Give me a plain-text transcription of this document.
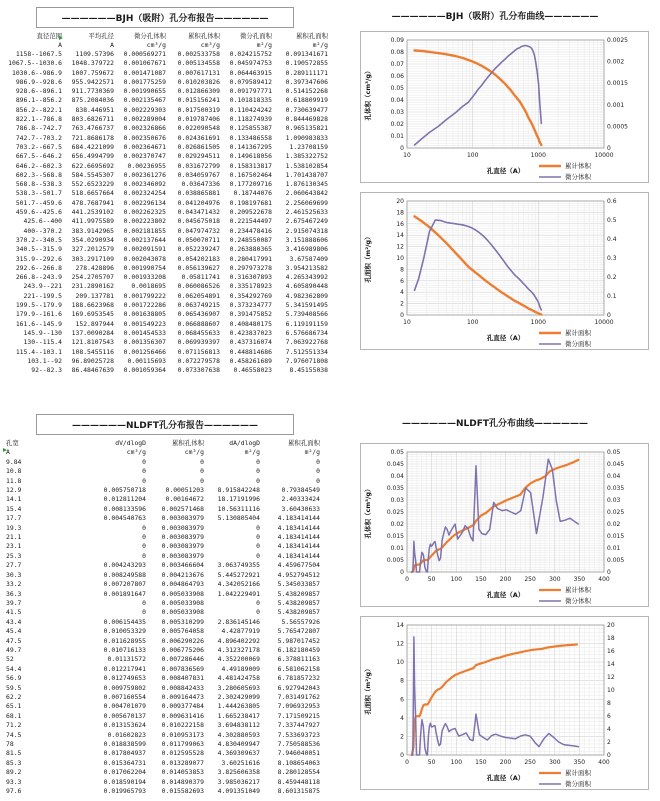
——————BJH（吸附）孔分布报告——————
直径范围	平均孔径	微分孔体积	累积孔体积	微分孔面积	累积孔面积
A	A	cm³/g	cm³/g	m²/g	m²/g
1158--1067.5	1109.57396	0.000569271	0.002533758	0.024215752	0.091341671
1067.5--1030.6	1048.379722	0.001067671	0.005134558	0.045974753	0.190572855
1030.6--986.9	1007.759672	0.001471087	0.007617131	0.064463915	0.289111171
986.9--928.6	955.9422571	0.001775259	0.010203826	0.079589412	0.397347606
928.6--896.1	911.7730369	0.001990655	0.012866309	0.091797771	0.514152268
896.1--856.2	875.2084036	0.002135467	0.015156241	0.101818335	0.618809919
856.2--822.1	838.446951	0.002229303	0.017500319	0.110424242	0.730639477
822.1--786.8	803.6826711	0.002289004	0.019787406	0.118274939	0.844469828
786.8--742.7	763.4766737	0.002326866	0.022090548	0.125855387	0.965135821
742.7--703.2	721.8686178	0.002350676	0.024361691	0.133486558	1.090983833
703.2--667.5	684.4221099	0.002364671	0.026861505	0.141367295	1.23708159
667.5--646.2	656.4994799	0.002370747	0.029294511	0.149618056	1.385322752
646.2--602.3	622.6695692	0.00236955	0.031672799	0.158313817	1.538102854
602.3--568.8	584.5545307	0.002361276	0.034059767	0.167502464	1.701438707
568.8--538.3	552.6523229	0.002346092	0.03647336	0.177209716	1.876130345
538.3--501.7	518.6657664	0.002324254	0.038865881	0.18744076	2.060643842
501.7--459.6	478.7687941	0.002296134	0.041204976	0.198197681	2.256069699
459.6--425.6	441.2539102	0.002262325	0.043471432	0.209522678	2.461525633
425.6--400	411.9975589	0.002223802	0.045675018	0.221544497	2.675467249
400--370.2	383.9142965	0.002181855	0.047974732	0.234478416	2.915074318
370.2--340.5	354.0290934	0.002137644	0.050070711	0.248550087	3.151888606
340.5--315.9	327.2012579	0.002091591	0.052239247	0.263880365	3.416989806
315.9--292.6	303.2917109	0.002043078	0.054202183	0.280417991	3.67587409
292.6--266.8	278.428896	0.001990754	0.056139627	0.297973278	3.954213582
266.8--243.9	254.2705707	0.001933208	0.05811741	0.316307893	4.265343992
243.9--221	231.2890162	0.0018695	0.060086526	0.335178923	4.605890448
221--199.5	209.137781	0.001799222	0.062054891	0.354292769	4.982362809
199.5--179.9	188.6623968	0.001722286	0.063749215	0.373234777	5.341591495
179.9--161.6	169.6953545	0.001638805	0.065436907	0.391475852	5.739408566
161.6--145.9	152.897944	0.001549223	0.066888607	0.408480175	6.119191159
145.9--130	137.0090284	0.001454533	0.068455633	0.423837023	6.576686734
130--115.4	121.8107543	0.001356307	0.069939397	0.437316074	7.063922768
115.4--103.1	108.5455116	0.001256466	0.071156813	0.448814686	7.512551334
103.1--92	96.89025728	0.00115693	0.072279578	0.458261689	7.976071808
92--82.3	86.48467639	0.001059364	0.073307638	0.46558023	8.45155038
——————BJH（吸附）孔分布曲线——————
0
0.01
0.02
0.03
0.04
0.05
0.06
0.07
0.08
0.09
0
0.0005
0.001
0.0015
0.002
0.0025
10	100	1000	10000
孔直径（A）
孔体积（cm³/g）
累计体积
微分体积
0
2
4
6
8
10
12
14
16
18
20
0
0.1
0.2
0.3
0.4
0.5
0.6
10	100	1000	10000
孔直径（A）
孔面积（m²/g）
累计面积
微分面积
——————NLDFT孔分布报告——————
孔宽	dV/dlogD	累积孔体积	dA/dlogD	累积孔面积
A	cm³/g	cm³/g	m²/g	m²/g
9.84	0	0	0	0
10.8	0	0	0	0
11.8	0	0	0	0
12.9	0.005750718	0.00051203	8.915842248	0.79384549
14.1	0.012811204	0.00164672	18.17191996	2.40333424
15.4	0.008133596	0.002571468	10.56311116	3.60430633
17.7	0.004540763	0.003083979	5.130805404	4.183414144
19.3	0	0.003083979	0	4.183414144
21.1	0	0.003083979	0	4.183414144
23.1	0	0.003083979	0	4.183414144
25.3	0	0.003083979	0	4.183414144
27.7	0.004243293	0.003466604	3.063749355	4.459677504
30.3	0.008249588	0.004213676	5.445272921	4.952794512
33.2	0.007207807	0.004864793	4.342052166	5.345033857
36.3	0.001891647	0.005033908	1.042229491	5.438209857
39.7	0	0.005033908	0	5.438209857
41.5	0	0.005033908	0	5.438209857
43.4	0.006154435	0.005310299	2.836145146	5.56557926
45.4	0.010053329	0.005764058	4.42877919	5.765472807
47.5	0.011628955	0.006290226	4.896402292	5.987017452
49.7	0.010716133	0.006775206	4.312327178	6.182180459
52	0.01131572	0.007286446	4.352200069	6.378811163
54.4	0.012217941	0.007836569	4.49189009	6.581062158
56.9	0.012749653	0.008407831	4.481424758	6.781857232
59.5	0.009759802	0.008842433	3.280605693	6.927942043
62.2	0.007160554	0.009164473	2.302429099	7.031491762
65.1	0.004701079	0.009377484	1.444263805	7.096932953
68.1	0.005670137	0.009631416	1.665238417	7.171509215
71.2	0.013153624	0.010222158	3.694838112	7.337447927
74.5	0.01602823	0.010953173	4.302880593	7.533693723
78	0.018838599	0.011799063	4.830409947	7.750588536
81.5	0.017804937	0.012595528	4.369309637	7.946040051
85.3	0.015364731	0.013289077	3.60251616	8.108654063
89.2	0.017062204	0.014053853	3.825606358	8.280128554
93.3	0.018590194	0.014890379	3.985036217	8.459448118
97.6	0.019965793	0.015582693	4.091351049	8.601315875
——————NLDFT孔分布曲线——————
0
0.005
0.01
0.015
0.02
0.025
0.03
0.035
0.04
0.045
0.05
0
0.005
0.01
0.015
0.02
0.025
0.03
0.035
0.04
0.045
0.05
0	50	100 150 200 250 300 350 400
孔直径（A）
孔体积（cm³/g）
累计体积
微分体积
0
2
4
6
8
10
12
14
0
2
4
6
8
10
12
14
16
18
20
0	50	100 150 200 250 300 350 400
孔直径（A）
孔面积（m²/g）
累计面积
微分面积
